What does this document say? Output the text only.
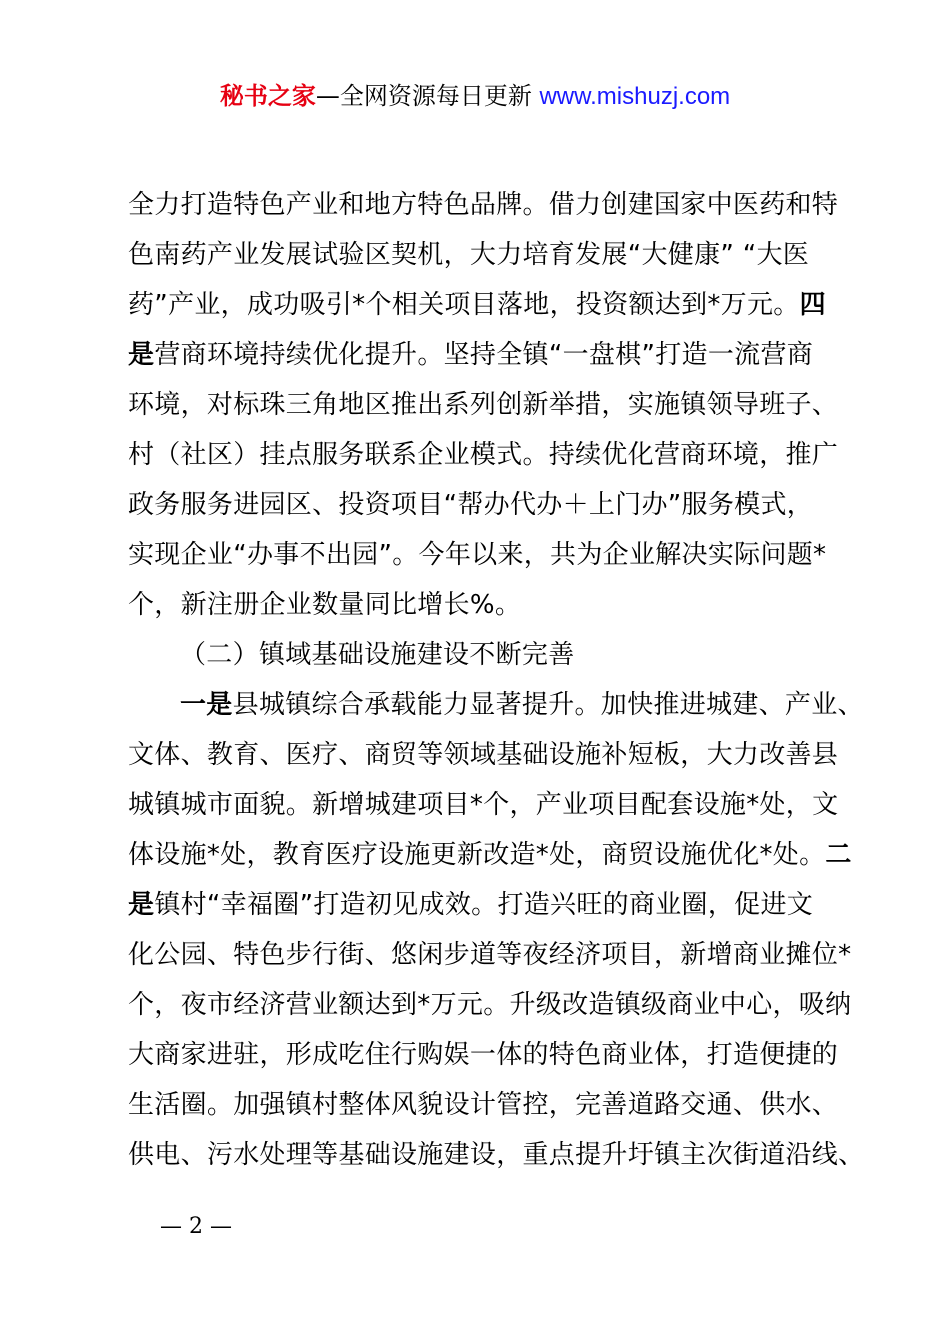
秘书之家—全网资源每日更新 www.mishuzj.com
全力打造特色产业和地方特色品牌。借力创建国家中医药和特
色南药产业发展试验区契机，大力培育发展“大健康” “大医
药”产业，成功吸引*个相关项目落地，投资额达到*万元。四
是营商环境持续优化提升。坚持全镇“一盘棋”打造一流营商
环境，对标珠三角地区推出系列创新举措，实施镇领导班子、
村（社区）挂点服务联系企业模式。持续优化营商环境，推广
政务服务进园区、投资项目“帮办代办＋上门办”服务模式，
实现企业“办事不出园”。今年以来，共为企业解决实际问题*
个，新注册企业数量同比增长%。
（二）镇域基础设施建设不断完善
一是县城镇综合承载能力显著提升。加快推进城建、产业、
文体、教育、医疗、商贸等领域基础设施补短板，大力改善县
城镇城市面貌。新增城建项目*个，产业项目配套设施*处，文
体设施*处，教育医疗设施更新改造*处，商贸设施优化*处。二
是镇村“幸福圈”打造初见成效。打造兴旺的商业圈，促进文
化公园、特色步行街、悠闲步道等夜经济项目，新增商业摊位*
个，夜市经济营业额达到*万元。升级改造镇级商业中心，吸纳
大商家进驻，形成吃住行购娱一体的特色商业体，打造便捷的
生活圈。加强镇村整体风貌设计管控，完善道路交通、供水、
供电、污水处理等基础设施建设，重点提升圩镇主次街道沿线、
— 2 —
